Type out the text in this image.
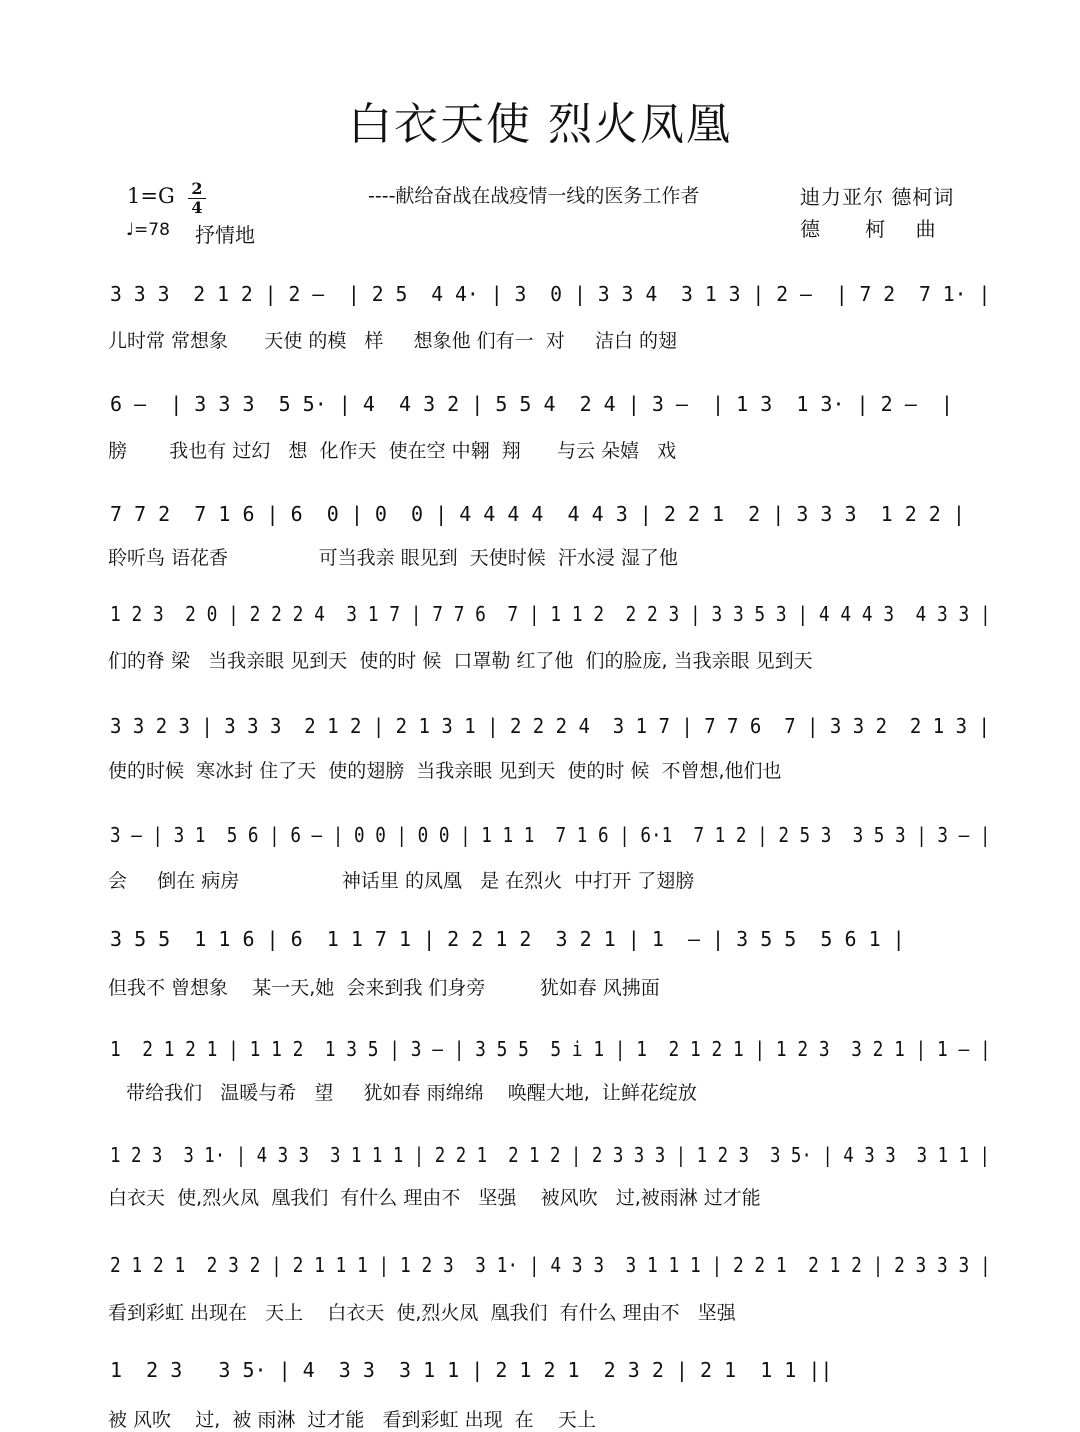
白衣天使 烈火凤凰
1=G 2
4
♩=78 抒情地
----献给奋战在战疫情一线的医务工作者	迪力亚尔 德柯词
德      柯    曲
3 3 3  2 1 2 | 2 –  | 2 5  4 4· | 3  0 | 3 3 4  3 1 3 | 2 –  | 7 2  7 1· |
儿时常 常想象      天使 的模   样     想象他 们有一  对     洁白 的翅
6 –  | 3 3 3  5 5· | 4  4 3 2 | 5 5 4  2 4 | 3 –  | 1 3  1 3· | 2 –  |
膀       我也有 过幻   想  化作天  使在空 中翱  翔      与云 朵嬉   戏
7 7 2  7 1 6 | 6  0 | 0  0 | 4 4 4 4  4 4 3 | 2 2 1  2 | 3 3 3  1 2 2 |
聆听鸟 语花香               可当我亲 眼见到  天使时候  汗水浸 湿了他
1 2 3  2 0 | 2 2 2 4  3 1 7 | 7 7 6  7 | 1 1 2  2 2 3 | 3 3 5 3 | 4 4 4 3  4 3 3 |
们的脊 梁   当我亲眼 见到天  使的时 候  口罩勒 红了他  们的脸庞, 当我亲眼 见到天
3 3 2 3 | 3 3 3  2 1 2 | 2 1 3 1 | 2 2 2 4  3 1 7 | 7 7 6  7 | 3 3 2  2 1 3 |
使的时候  寒冰封 住了天  使的翅膀  当我亲眼 见到天  使的时 候  不曾想,他们也
3 – | 3 1  5 6 | 6 – | 0 0 | 0 0 | 1 1 1  7 1 6 | 6·1  7 1 2 | 2 5 3  3 5 3 | 3 – |
会     倒在 病房                 神话里 的凤凰   是 在烈火  中打开 了翅膀
3 5 5  1 1 6 | 6  1 1 7 1 | 2 2 1 2  3 2 1 | 1  – | 3 5 5  5 6 1 |
但我不 曾想象    某一天,她  会来到我 们身旁         犹如春 风拂面
1  2 1 2 1 | 1 1 2  1 3 5 | 3 – | 3 5 5  5 i 1 | 1  2 1 2 1 | 1 2 3  3 2 1 | 1 – |
带给我们   温暖与希   望     犹如春 雨绵绵    唤醒大地,  让鲜花绽放
1 2 3  3 1· | 4 3 3  3 1 1 1 | 2 2 1  2 1 2 | 2 3 3 3 | 1 2 3  3 5· | 4 3 3  3 1 1 |
白衣天  使,烈火凤  凰我们  有什么 理由不   坚强    被风吹   过,被雨淋 过才能
2 1 2 1  2 3 2 | 2 1 1 1 | 1 2 3  3 1· | 4 3 3  3 1 1 1 | 2 2 1  2 1 2 | 2 3 3 3 |
看到彩虹 出现在   天上    白衣天  使,烈火凤  凰我们  有什么 理由不   坚强
1  2 3   3 5· | 4  3 3  3 1 1 | 2 1 2 1  2 3 2 | 2 1  1 1 ||
被 风吹    过,  被 雨淋  过才能   看到彩虹 出现  在    天上
